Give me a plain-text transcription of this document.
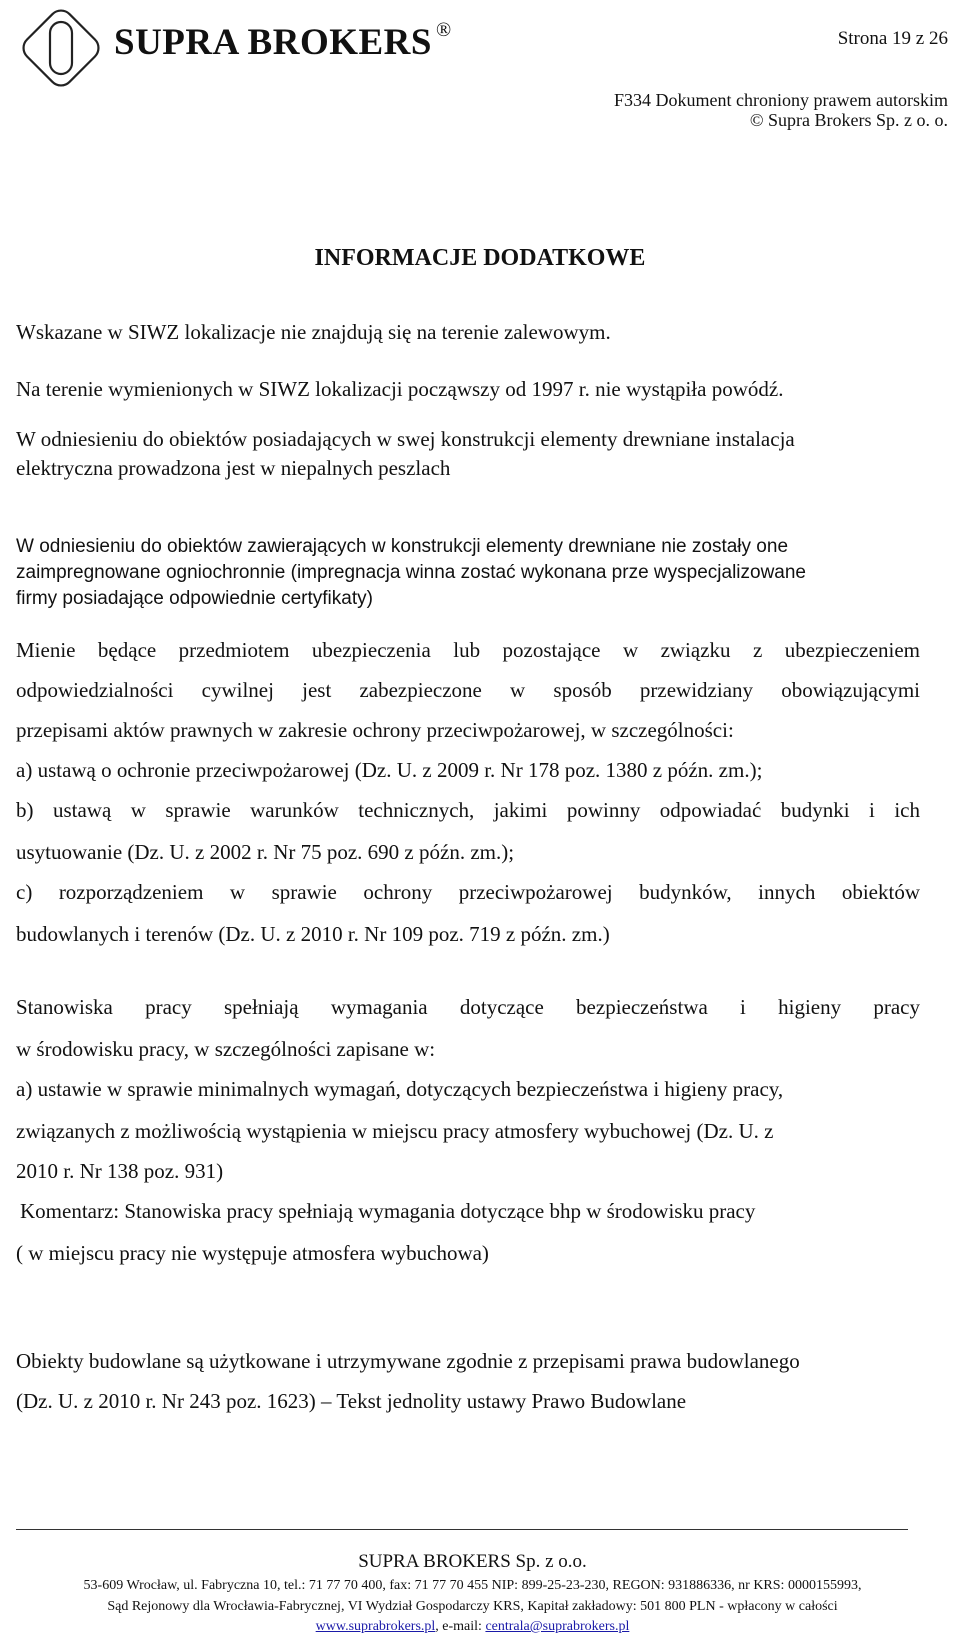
SUPRA BROKERS ®	Strona 19 z 26
F334 Dokument chroniony prawem autorskim
© Supra Brokers Sp. z o. o.
INFORMACJE DODATKOWE
Wskazane w SIWZ lokalizacje nie znajdują się na terenie zalewowym.
Na terenie wymienionych w SIWZ lokalizacji począwszy od 1997 r. nie wystąpiła powódź.
W odniesieniu do obiektów posiadających w swej konstrukcji elementy drewniane instalacja
elektryczna prowadzona jest w niepalnych peszlach
W odniesieniu do obiektów zawierających w konstrukcji elementy drewniane nie zostały one
zaimpregnowane ogniochronnie (impregnacja winna zostać wykonana prze wyspecjalizowane
firmy posiadające odpowiednie certyfikaty)
Mienie będące przedmiotem ubezpieczenia lub pozostające w związku z ubezpieczeniem
odpowiedzialności cywilnej jest zabezpieczone w sposób przewidziany obowiązującymi
przepisami aktów prawnych w zakresie ochrony przeciwpożarowej, w szczególności:
a) ustawą o ochronie przeciwpożarowej (Dz. U. z 2009 r. Nr 178 poz. 1380 z późn. zm.);
b) ustawą w sprawie warunków technicznych, jakimi powinny odpowiadać budynki i ich
usytuowanie (Dz. U. z 2002 r. Nr 75 poz. 690 z późn. zm.);
c) rozporządzeniem w sprawie ochrony przeciwpożarowej budynków, innych obiektów
budowlanych i terenów (Dz. U. z 2010 r. Nr 109 poz. 719 z późn. zm.)
Stanowiska pracy spełniają wymagania dotyczące bezpieczeństwa i higieny pracy
w środowisku pracy, w szczególności zapisane w:
a) ustawie w sprawie minimalnych wymagań, dotyczących bezpieczeństwa i higieny pracy,
związanych z możliwością wystąpienia w miejscu pracy atmosfery wybuchowej (Dz. U. z
2010 r. Nr 138 poz. 931)
Komentarz: Stanowiska pracy spełniają wymagania dotyczące bhp w środowisku pracy
( w miejscu pracy nie występuje atmosfera wybuchowa)
Obiekty budowlane są użytkowane i utrzymywane zgodnie z przepisami prawa budowlanego
(Dz. U. z 2010 r. Nr 243 poz. 1623) – Tekst jednolity ustawy Prawo Budowlane
SUPRA BROKERS Sp. z o.o.
53-609 Wrocław, ul. Fabryczna 10, tel.: 71 77 70 400, fax: 71 77 70 455 NIP: 899-25-23-230, REGON: 931886336, nr KRS: 0000155993,
Sąd Rejonowy dla Wrocławia-Fabrycznej, VI Wydział Gospodarczy KRS, Kapitał zakładowy: 501 800 PLN - wpłacony w całości
www.suprabrokers.pl, e-mail: centrala@suprabrokers.pl
